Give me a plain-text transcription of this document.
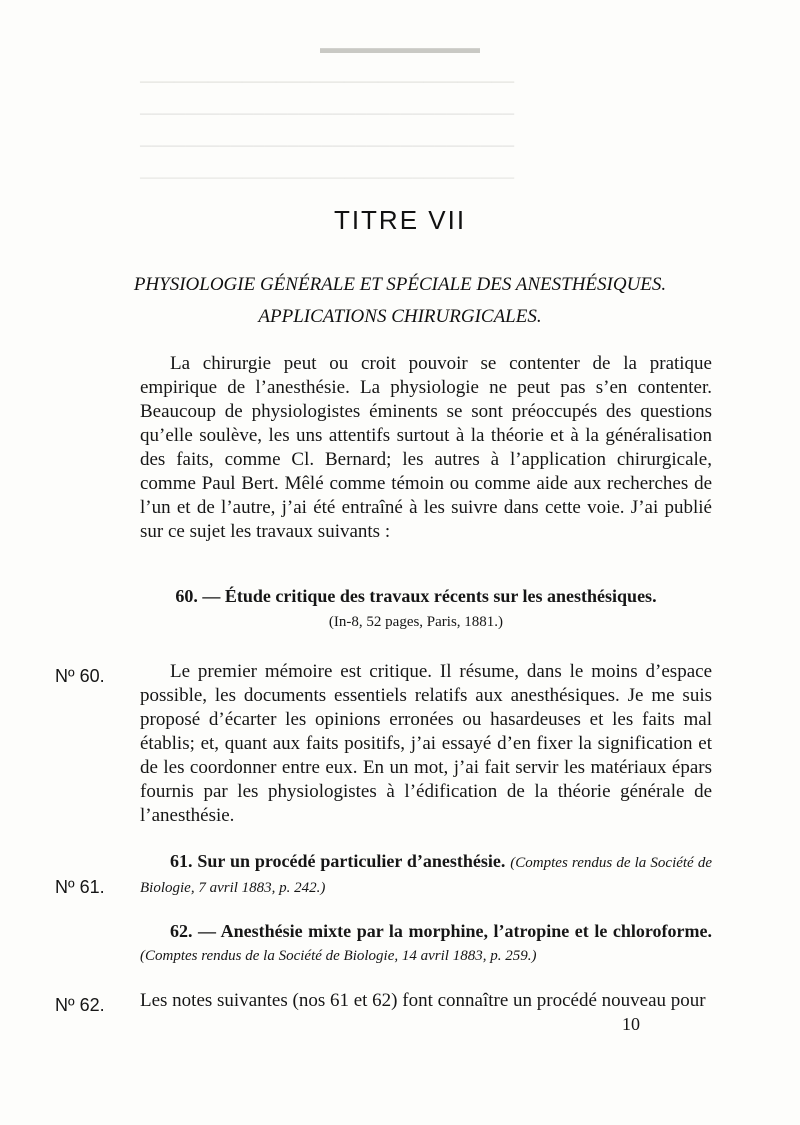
▬▬▬▬▬▬▬▬▬▬
─────────────────────────────────
─────────────────────────────────
─────────────────────────────────
─────────────────────────────────
TITRE VII
PHYSIOLOGIE GÉNÉRALE ET SPÉCIALE DES ANESTHÉSIQUES.
APPLICATIONS CHIRURGICALES.
La chirurgie peut ou croit pouvoir se contenter de la pratique empirique de l’anesthésie. La physiologie ne peut pas s’en contenter. Beaucoup de physiologistes éminents se sont préoccupés des questions qu’elle soulève, les uns attentifs surtout à la théorie et à la généralisation des faits, comme Cl. Bernard; les autres à l’application chirurgicale, comme Paul Bert. Mêlé comme témoin ou comme aide aux recherches de l’un et de l’autre, j’ai été entraîné à les suivre dans cette voie. J’ai publié sur ce sujet les travaux suivants :
60. — Étude critique des travaux récents sur les anesthésiques.
(In-8, 52 pages, Paris, 1881.)
Nº 60.	Le premier mémoire est critique. Il résume, dans le moins d’espace possible, les documents essentiels relatifs aux anesthésiques. Je me suis proposé d’écarter les opinions erronées ou hasardeuses et les faits mal établis; et, quant aux faits positifs, j’ai essayé d’en fixer la signification et de les coordonner entre eux. En un mot, j’ai fait servir les matériaux épars fournis par les physiologistes à l’édification de la théorie générale de l’anesthésie.
61. Sur un procédé particulier d’anesthésie. (Comptes rendus de la Société de Biologie, 7 avril 1883, p. 242.)
Nº 61.
62. — Anesthésie mixte par la morphine, l’atropine et le chloroforme. (Comptes rendus de la Société de Biologie, 14 avril 1883, p. 259.)
Nº 62. Les notes suivantes (nos 61 et 62) font connaître un procédé nouveau pour
10
